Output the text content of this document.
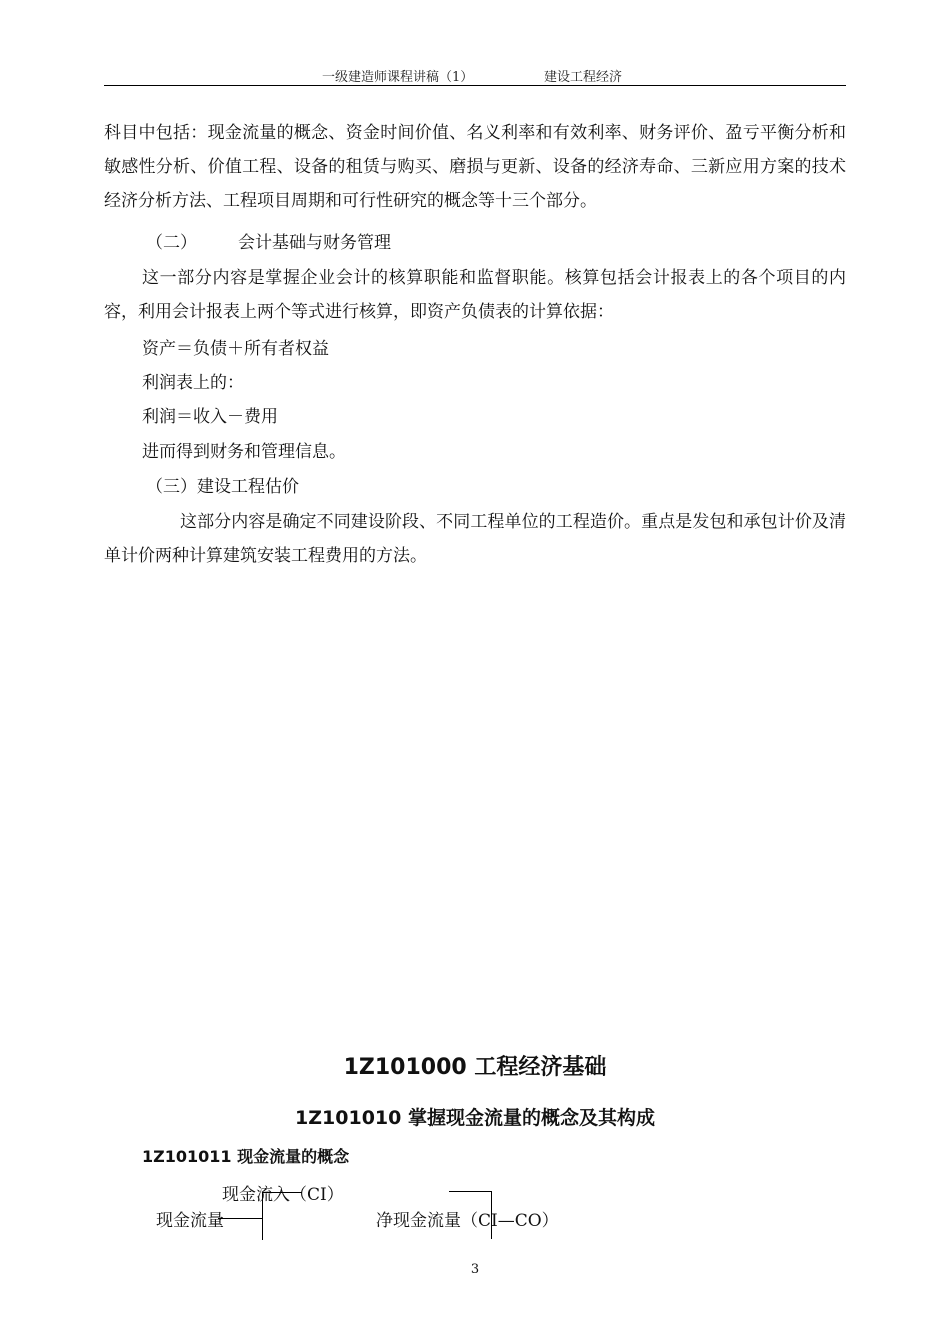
一级建造师课程讲稿（1）	建设工程经济

科目中包括：现金流量的概念、资金时间价值、名义利率和有效利率、财务评价、盈亏平衡分析和敏感性分析、价值工程、设备的租赁与购买、磨损与更新、设备的经济寿命、三新应用方案的技术经济分析方法、工程项目周期和可行性研究的概念等十三个部分。

（二） 会计基础与财务管理

这一部分内容是掌握企业会计的核算职能和监督职能。核算包括会计报表上的各个项目的内容，利用会计报表上两个等式进行核算，即资产负债表的计算依据：

资产＝负债＋所有者权益
利润表上的：
利润＝收入－费用
进而得到财务和管理信息。
（三）建设工程估价

这部分内容是确定不同建设阶段、不同工程单位的工程造价。重点是发包和承包计价及清单计价两种计算建筑安装工程费用的方法。

1Z101000 工程经济基础
1Z101010 掌握现金流量的概念及其构成
1Z101011 现金流量的概念
现金流入（CI）
现金流量	净现金流量（CI—CO）
3
